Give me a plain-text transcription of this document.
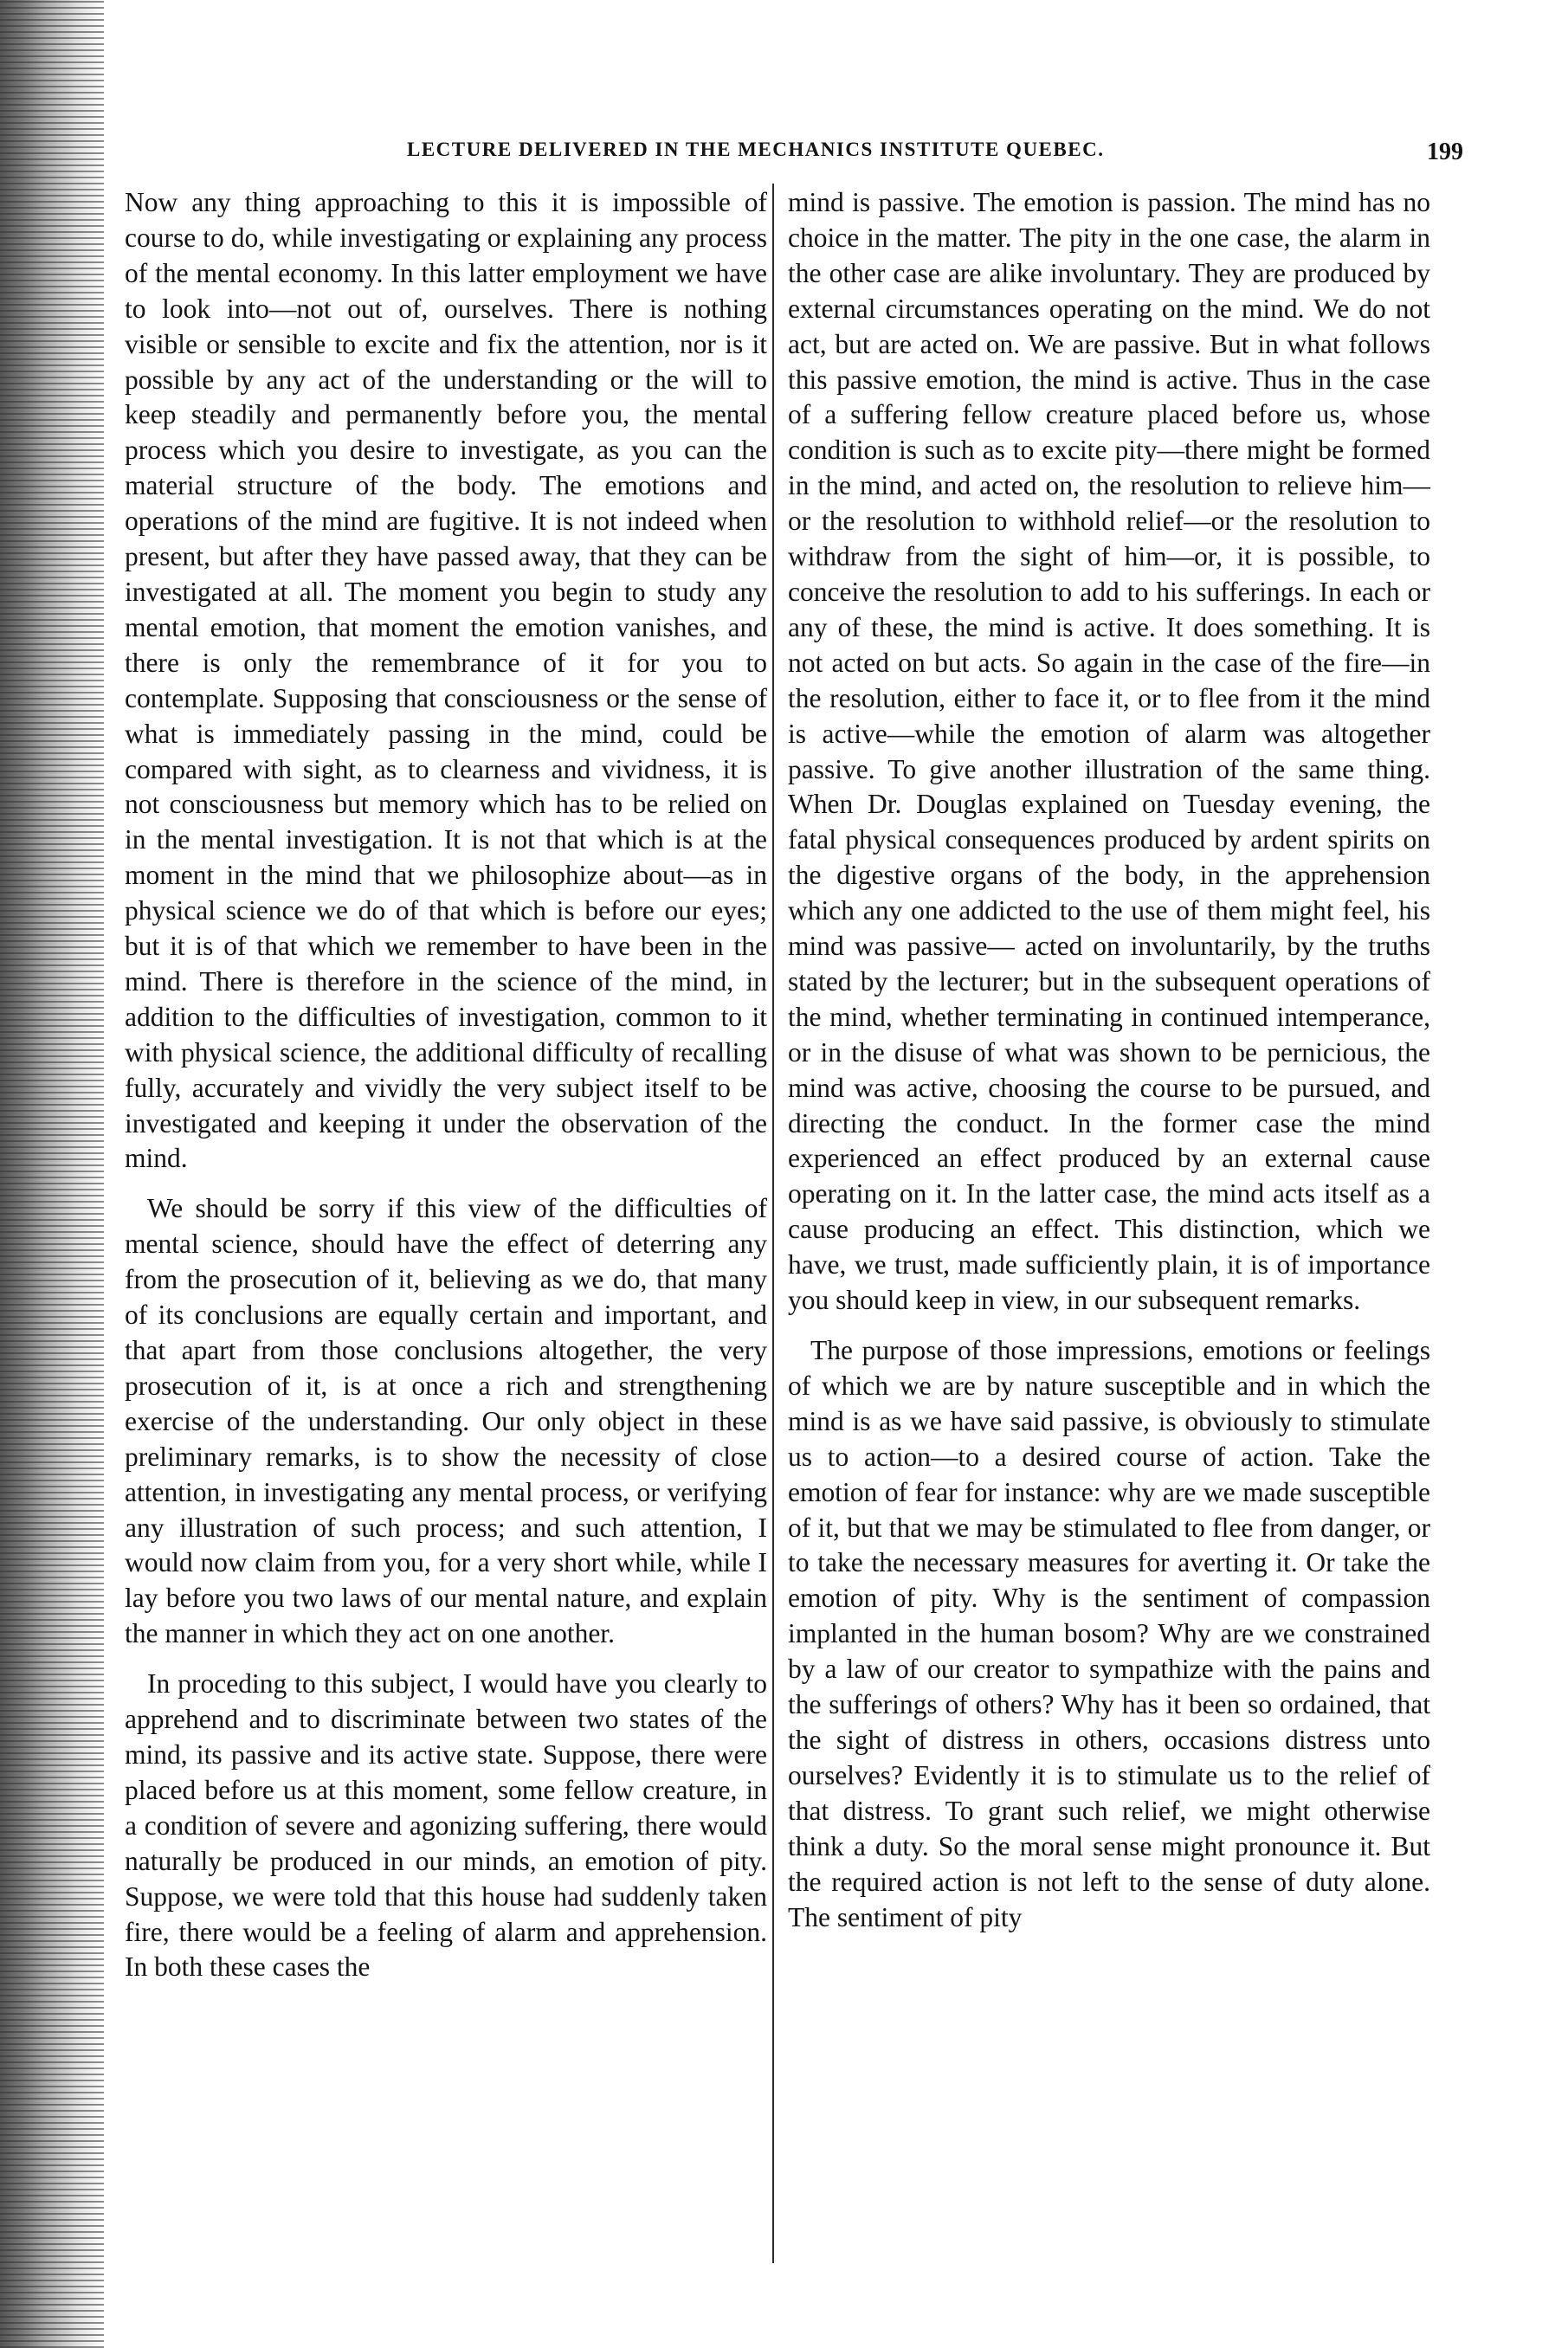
LECTURE DELIVERED IN THE MECHANICS INSTITUTE QUEBEC.	199

Now any thing approaching to this it is impossible of course to do, while investigating or explaining any process of the mental economy. In this latter employment we have to look into—not out of, ourselves. There is nothing visible or sensible to excite and fix the attention, nor is it possible by any act of the understanding or the will to keep steadily and permanently before you, the mental process which you desire to investigate, as you can the material structure of the body. The emotions and operations of the mind are fugitive. It is not indeed when present, but after they have passed away, that they can be investigated at all. The moment you begin to study any mental emotion, that moment the emotion vanishes, and there is only the remembrance of it for you to contemplate. Supposing that consciousness or the sense of what is immediately passing in the mind, could be compared with sight, as to clearness and vividness, it is not consciousness but memory which has to be relied on in the mental investigation. It is not that which is at the moment in the mind that we philosophize about—as in physical science we do of that which is before our eyes; but it is of that which we remember to have been in the mind. There is therefore in the science of the mind, in addition to the difficulties of investigation, common to it with physical science, the additional difficulty of recalling fully, accurately and vividly the very subject itself to be investigated and keeping it under the observation of the mind.

We should be sorry if this view of the difficulties of mental science, should have the effect of deterring any from the prosecution of it, believing as we do, that many of its conclusions are equally certain and important, and that apart from those conclusions altogether, the very prosecution of it, is at once a rich and strengthening exercise of the understanding. Our only object in these preliminary remarks, is to show the necessity of close attention, in investigating any mental process, or verifying any illustration of such process; and such attention, I would now claim from you, for a very short while, while I lay before you two laws of our mental nature, and explain the manner in which they act on one another.

In proceding to this subject, I would have you clearly to apprehend and to discriminate between two states of the mind, its passive and its active state. Suppose, there were placed before us at this moment, some fellow creature, in a condition of severe and agonizing suffering, there would naturally be produced in our minds, an emotion of pity. Suppose, we were told that this house had suddenly taken fire, there would be a feeling of alarm and apprehension. In both these cases the

mind is passive. The emotion is passion. The mind has no choice in the matter. The pity in the one case, the alarm in the other case are alike involuntary. They are produced by external circumstances operating on the mind. We do not act, but are acted on. We are passive. But in what follows this passive emotion, the mind is active. Thus in the case of a suffering fellow creature placed before us, whose condition is such as to excite pity—there might be formed in the mind, and acted on, the resolution to relieve him—or the resolution to withhold relief—or the resolution to withdraw from the sight of him—or, it is possible, to conceive the resolution to add to his sufferings. In each or any of these, the mind is active. It does something. It is not acted on but acts. So again in the case of the fire—in the resolution, either to face it, or to flee from it the mind is active—while the emotion of alarm was altogether passive. To give another illustration of the same thing. When Dr. Douglas explained on Tuesday evening, the fatal physical consequences produced by ardent spirits on the digestive organs of the body, in the apprehension which any one addicted to the use of them might feel, his mind was passive— acted on involuntarily, by the truths stated by the lecturer; but in the subsequent operations of the mind, whether terminating in continued intemperance, or in the disuse of what was shown to be pernicious, the mind was active, choosing the course to be pursued, and directing the conduct. In the former case the mind experienced an effect produced by an external cause operating on it. In the latter case, the mind acts itself as a cause producing an effect. This distinction, which we have, we trust, made sufficiently plain, it is of importance you should keep in view, in our subsequent remarks.

The purpose of those impressions, emotions or feelings of which we are by nature susceptible and in which the mind is as we have said passive, is obviously to stimulate us to action—to a desired course of action. Take the emotion of fear for instance: why are we made susceptible of it, but that we may be stimulated to flee from danger, or to take the necessary measures for averting it. Or take the emotion of pity. Why is the sentiment of compassion implanted in the human bosom? Why are we constrained by a law of our creator to sympathize with the pains and the sufferings of others? Why has it been so ordained, that the sight of distress in others, occasions distress unto ourselves? Evidently it is to stimulate us to the relief of that distress. To grant such relief, we might otherwise think a duty. So the moral sense might pronounce it. But the required action is not left to the sense of duty alone. The sentiment of pity
